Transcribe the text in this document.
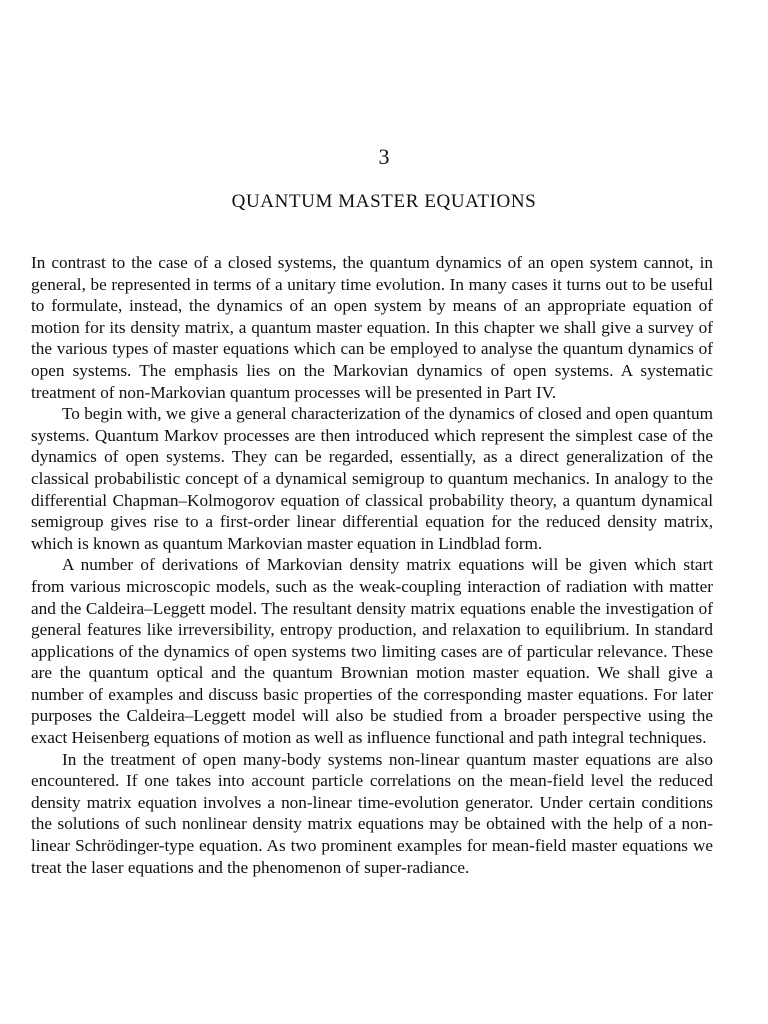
3
QUANTUM MASTER EQUATIONS

In contrast to the case of a closed systems, the quantum dynamics of an open system cannot, in general, be represented in terms of a unitary time evolution. In many cases it turns out to be useful to formulate, instead, the dynamics of an open system by means of an appropriate equation of motion for its density matrix, a quantum master equation. In this chapter we shall give a survey of the various types of master equations which can be employed to analyse the quantum dynamics of open systems. The emphasis lies on the Markovian dynamics of open systems. A systematic treatment of non-Markovian quantum processes will be presented in Part IV.

To begin with, we give a general characterization of the dynamics of closed and open quantum systems. Quantum Markov processes are then introduced which represent the simplest case of the dynamics of open systems. They can be regarded, essentially, as a direct generalization of the classical probabilistic concept of a dynamical semigroup to quantum mechanics. In analogy to the differential Chapman–Kolmogorov equation of classical probability theory, a quantum dynamical semigroup gives rise to a first-order linear differential equation for the reduced density matrix, which is known as quantum Markovian master equation in Lindblad form.

A number of derivations of Markovian density matrix equations will be given which start from various microscopic models, such as the weak-coupling interaction of radiation with matter and the Caldeira–Leggett model. The resultant density matrix equations enable the investigation of general features like irreversibility, entropy production, and relaxation to equilibrium. In standard applications of the dynamics of open systems two limiting cases are of particular relevance. These are the quantum optical and the quantum Brownian motion master equation. We shall give a number of examples and discuss basic properties of the corresponding master equations. For later purposes the Caldeira–Leggett model will also be studied from a broader perspective using the exact Heisenberg equations of motion as well as influence functional and path integral techniques.

In the treatment of open many-body systems non-linear quantum master equations are also encountered. If one takes into account particle correlations on the mean-field level the reduced density matrix equation involves a non-linear time-evolution generator. Under certain conditions the solutions of such nonlinear density matrix equations may be obtained with the help of a non-linear Schrödinger-type equation. As two prominent examples for mean-field master equations we treat the laser equations and the phenomenon of super-radiance.
